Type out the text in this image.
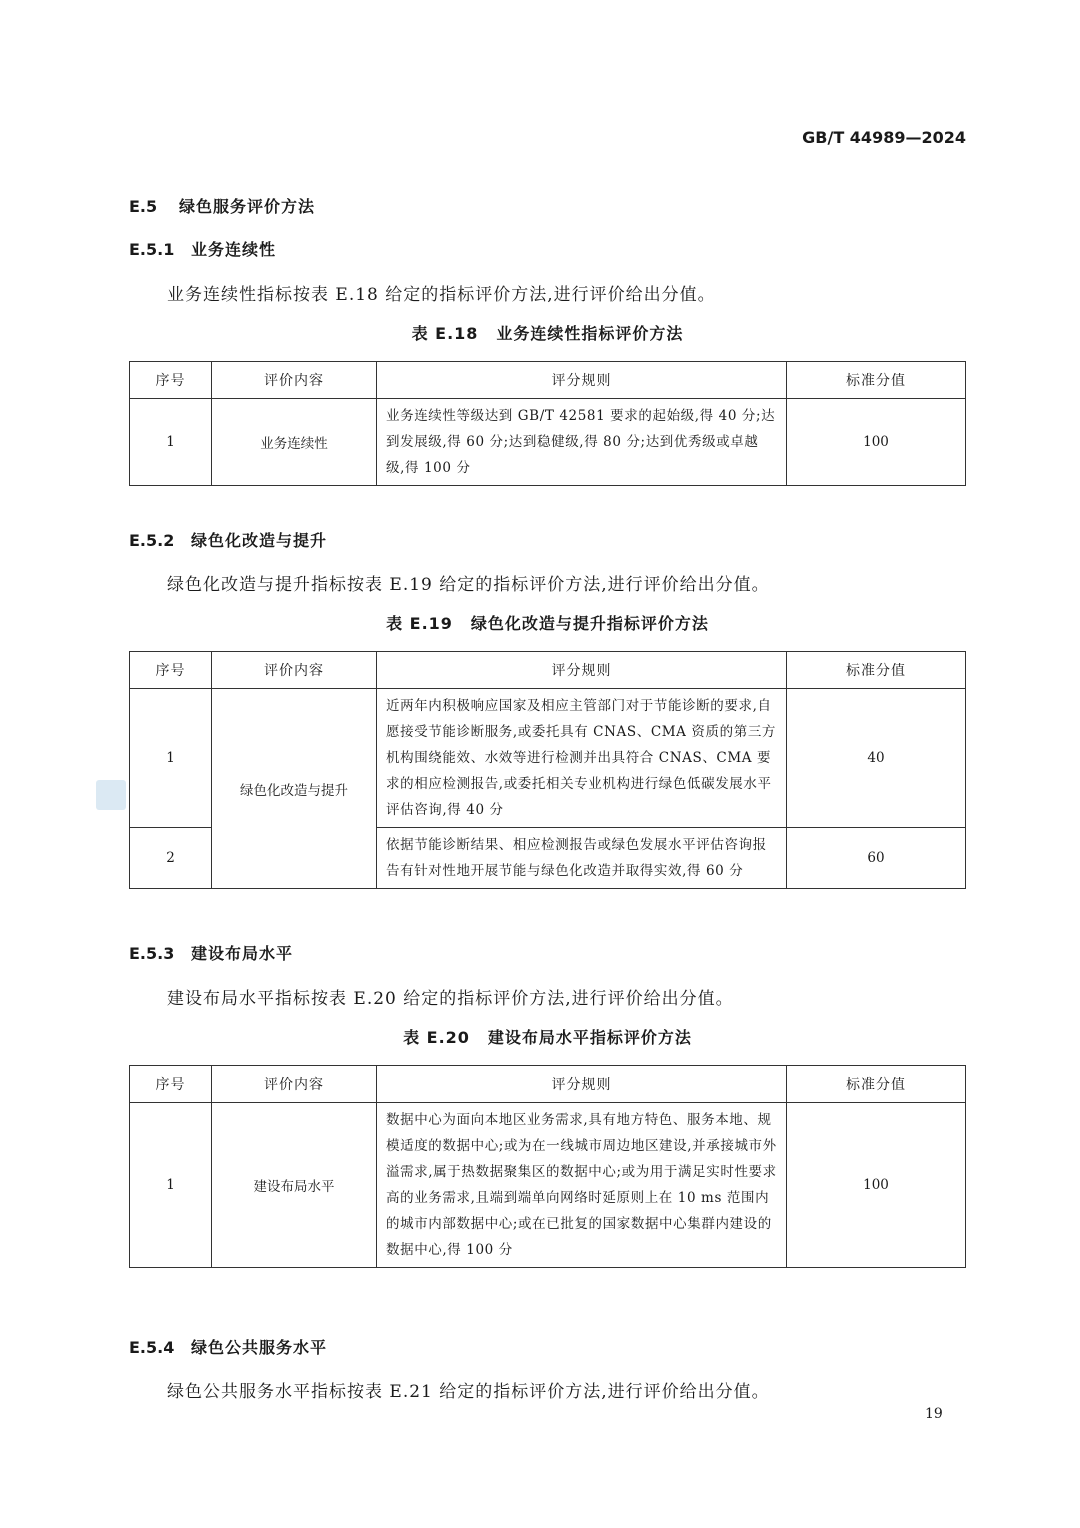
GB/T 44989—2024
E.5 绿色服务评价方法
E.5.1 业务连续性
业务连续性指标按表 E.18 给定的指标评价方法,进行评价给出分值。
表 E.18 业务连续性指标评价方法
序号	评价内容	评分规则	标准分值
1	业务连续性	业务连续性等级达到 GB/T 42581 要求的起始级,得 40 分;达到发展级,得 60 分;达到稳健级,得 80 分;达到优秀级或卓越级,得 100 分	100
E.5.2 绿色化改造与提升
绿色化改造与提升指标按表 E.19 给定的指标评价方法,进行评价给出分值。
表 E.19 绿色化改造与提升指标评价方法
序号	评价内容	评分规则	标准分值
1	绿色化改造与提升	近两年内积极响应国家及相应主管部门对于节能诊断的要求,自愿接受节能诊断服务,或委托具有 CNAS、CMA 资质的第三方机构围绕能效、水效等进行检测并出具符合 CNAS、CMA 要求的相应检测报告,或委托相关专业机构进行绿色低碳发展水平评估咨询,得 40 分	40
2		依据节能诊断结果、相应检测报告或绿色发展水平评估咨询报告有针对性地开展节能与绿色化改造并取得实效,得 60 分	60
E.5.3 建设布局水平
建设布局水平指标按表 E.20 给定的指标评价方法,进行评价给出分值。
表 E.20 建设布局水平指标评价方法
序号	评价内容	评分规则	标准分值
1	建设布局水平	数据中心为面向本地区业务需求,具有地方特色、服务本地、规模适度的数据中心;或为在一线城市周边地区建设,并承接城市外溢需求,属于热数据聚集区的数据中心;或为用于满足实时性要求高的业务需求,且端到端单向网络时延原则上在 10 ms 范围内的城市内部数据中心;或在已批复的国家数据中心集群内建设的数据中心,得 100 分	100
E.5.4 绿色公共服务水平
绿色公共服务水平指标按表 E.21 给定的指标评价方法,进行评价给出分值。
19
